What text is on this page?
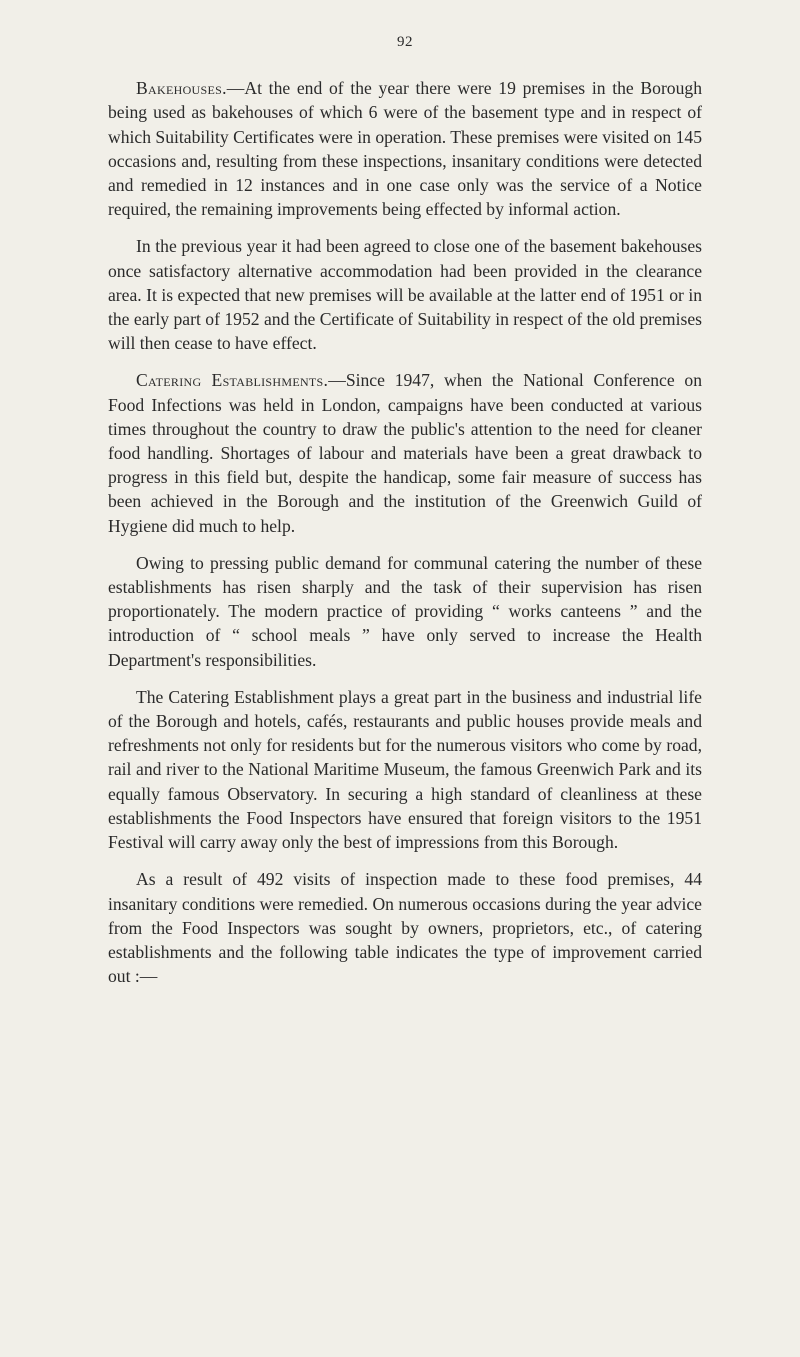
92

Bakehouses.—At the end of the year there were 19 premises in the Borough being used as bakehouses of which 6 were of the basement type and in respect of which Suitability Certificates were in operation. These premises were visited on 145 occasions and, resulting from these inspections, insanitary conditions were detected and remedied in 12 instances and in one case only was the service of a Notice required, the remaining improvements being effected by informal action.

In the previous year it had been agreed to close one of the basement bakehouses once satisfactory alternative accommodation had been provided in the clearance area. It is expected that new premises will be available at the latter end of 1951 or in the early part of 1952 and the Certificate of Suitability in respect of the old premises will then cease to have effect.

Catering Establishments.—Since 1947, when the National Conference on Food Infections was held in London, campaigns have been conducted at various times throughout the country to draw the public's attention to the need for cleaner food handling. Shortages of labour and materials have been a great drawback to progress in this field but, despite the handicap, some fair measure of success has been achieved in the Borough and the institution of the Greenwich Guild of Hygiene did much to help.

Owing to pressing public demand for communal catering the number of these establishments has risen sharply and the task of their supervision has risen proportionately. The modern practice of providing “ works canteens ” and the introduction of “ school meals ” have only served to increase the Health Department's responsibilities.

The Catering Establishment plays a great part in the business and industrial life of the Borough and hotels, cafés, restaurants and public houses provide meals and refreshments not only for residents but for the numerous visitors who come by road, rail and river to the National Maritime Museum, the famous Greenwich Park and its equally famous Observatory. In securing a high standard of cleanliness at these establishments the Food Inspectors have ensured that foreign visitors to the 1951 Festival will carry away only the best of impressions from this Borough.

As a result of 492 visits of inspection made to these food premises, 44 insanitary conditions were remedied. On numerous occasions during the year advice from the Food Inspectors was sought by owners, proprietors, etc., of catering establishments and the following table indicates the type of improvement carried out :—
